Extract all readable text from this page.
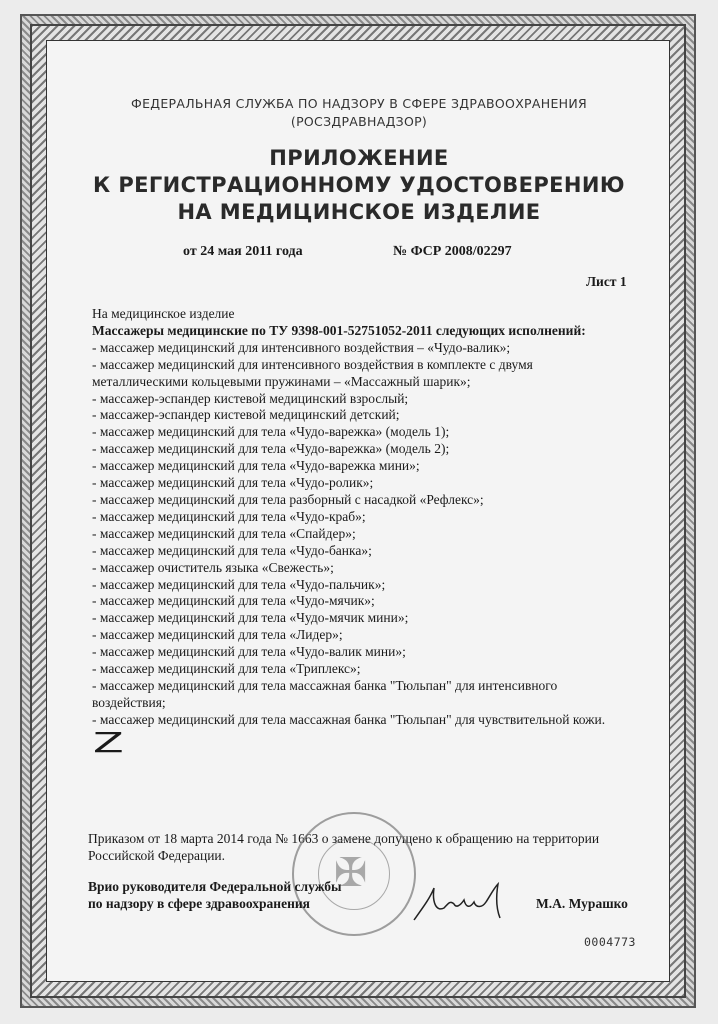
ФЕДЕРАЛЬНАЯ СЛУЖБА ПО НАДЗОРУ В СФЕРЕ ЗДРАВООХРАНЕНИЯ
(РОСЗДРАВНАДЗОР)
ПРИЛОЖЕНИЕ
К РЕГИСТРАЦИОННОМУ УДОСТОВЕРЕНИЮ
НА МЕДИЦИНСКОЕ ИЗДЕЛИЕ
от 24 мая 2011 года	№ ФСР 2008/02297
Лист 1
На медицинское изделие
Массажеры медицинские по ТУ 9398-001-52751052-2011 следующих исполнений:
- массажер медицинский для интенсивного воздействия – «Чудо-валик»;
- массажер медицинский для интенсивного воздействия в комплекте с двумя металлическими кольцевыми пружинами – «Массажный шарик»;
- массажер-эспандер кистевой медицинский взрослый;
- массажер-эспандер кистевой медицинский детский;
- массажер медицинский для тела «Чудо-варежка» (модель 1);
- массажер медицинский для тела «Чудо-варежка» (модель 2);
- массажер медицинский для тела «Чудо-варежка мини»;
- массажер медицинский для тела «Чудо-ролик»;
- массажер медицинский для тела разборный с насадкой «Рефлекс»;
- массажер медицинский для тела «Чудо-краб»;
- массажер медицинский для тела «Спайдер»;
- массажер медицинский для тела «Чудо-банка»;
- массажер очиститель языка «Свежесть»;
- массажер медицинский для тела «Чудо-пальчик»;
- массажер медицинский для тела «Чудо-мячик»;
- массажер медицинский для тела «Чудо-мячик мини»;
- массажер медицинский для тела «Лидер»;
- массажер медицинский для тела «Чудо-валик мини»;
- массажер медицинский для тела «Триплекс»;
- массажер медицинский для тела массажная банка "Тюльпан" для интенсивного воздействия;
- массажер медицинский для тела массажная банка "Тюльпан" для чувствительной кожи.
Z
Приказом от 18 марта 2014 года № 1663 о замене допущено к обращению на территории Российской Федерации.	✠
Врио руководителя Федеральной службы
по надзору в сфере здравоохранения	М.А. Мурашко
0004773
